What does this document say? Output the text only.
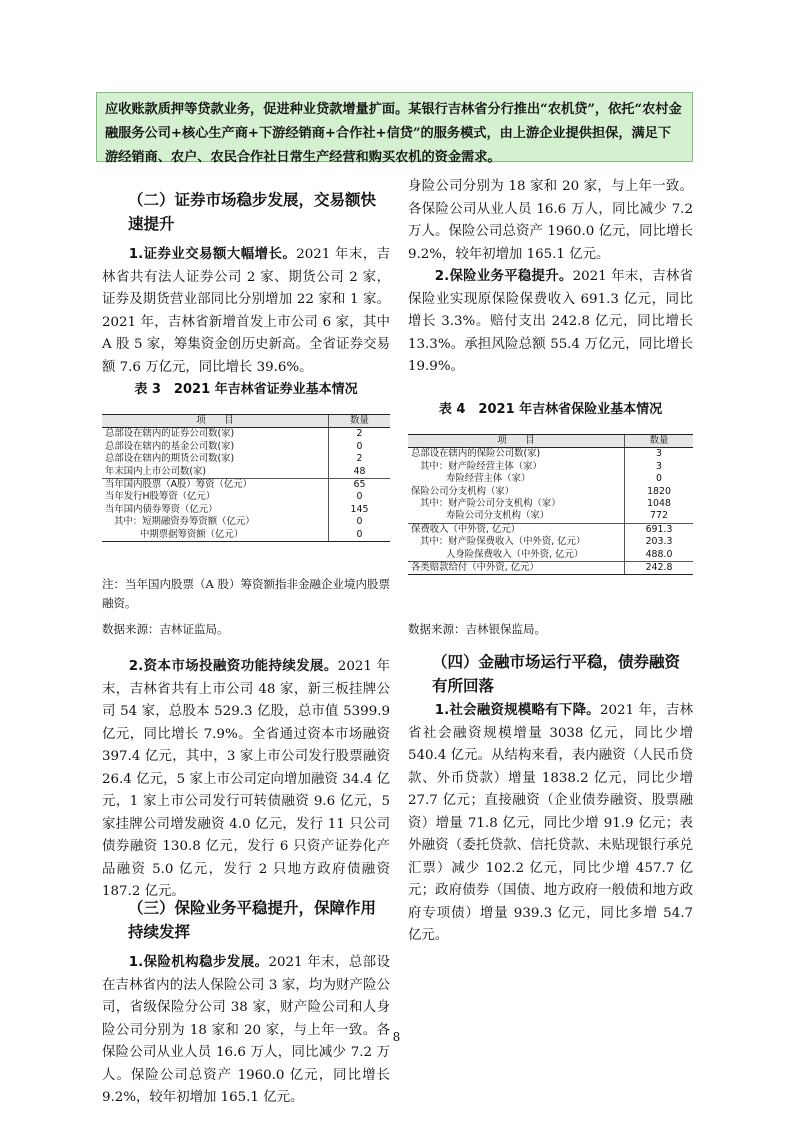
应收账款质押等贷款业务，促进种业贷款增量扩面。某银行吉林省分行推出“农机贷”，依托“农村金融服务公司+核心生产商+下游经销商+合作社+信贷”的服务模式，由上游企业提供担保，满足下游经销商、农户、农民合作社日常生产经营和购买农机的资金需求。
（二）证券市场稳步发展，交易额快速提升
1.证券业交易额大幅增长。2021 年末，吉林省共有法人证券公司 2 家、期货公司 2 家，证券及期货营业部同比分别增加 22 家和 1 家。2021 年，吉林省新增首发上市公司 6 家，其中 A 股 5 家，筹集资金创历史新高。全省证券交易额 7.6 万亿元，同比增长 39.6%。
表 3　2021 年吉林省证券业基本情况
项　　目	数量
总部设在辖内的证券公司数(家)	2
总部设在辖内的基金公司数(家)	0
总部设在辖内的期货公司数(家)	2
年末国内上市公司数(家)	48
当年国内股票（A股）筹资（亿元）	65
当年发行H股筹资（亿元）	0
当年国内债券筹资（亿元）	145
其中：短期融资券筹资额（亿元）	0
中期票据筹资额（亿元）	0
注：当年国内股票（A 股）筹资额指非金融企业境内股票融资。
数据来源：吉林证监局。
2.资本市场投融资功能持续发展。2021 年末，吉林省共有上市公司 48 家，新三板挂牌公司 54 家，总股本 529.3 亿股，总市值 5399.9 亿元，同比增长 7.9%。全省通过资本市场融资 397.4 亿元，其中，3 家上市公司发行股票融资 26.4 亿元，5 家上市公司定向增加融资 34.4 亿元，1 家上市公司发行可转债融资 9.6 亿元，5 家挂牌公司增发融资 4.0 亿元，发行 11 只公司债券融资 130.8 亿元，发行 6 只资产证券化产品融资 5.0 亿元，发行 2 只地方政府债融资 187.2 亿元。
（三）保险业务平稳提升，保障作用持续发挥
1.保险机构稳步发展。2021 年末，总部设在吉林省内的法人保险公司 3 家，均为财产险公司，省级保险分公司 38 家，财产险公司和人身险公司分别为 18 家和 20 家，与上年一致。各保险公司从业人员 16.6 万人，同比减少 7.2 万人。保险公司总资产 1960.0 亿元，同比增长 9.2%，较年初增加 165.1 亿元。
身险公司分别为 18 家和 20 家，与上年一致。各保险公司从业人员 16.6 万人，同比减少 7.2 万人。保险公司总资产 1960.0 亿元，同比增长 9.2%，较年初增加 165.1 亿元。
2.保险业务平稳提升。2021 年末，吉林省保险业实现原保险保费收入 691.3 亿元，同比增长 3.3%。赔付支出 242.8 亿元，同比增长 13.3%。承担风险总额 55.4 万亿元，同比增长 19.9%。
表 4　2021 年吉林省保险业基本情况
项　　目	数量
总部设在辖内的保险公司数(家)	3
其中：财产险经营主体（家）	3
寿险经营主体（家）	0
保险公司分支机构（家）	1820
其中：财产险公司分支机构（家）	1048
寿险公司分支机构（家）	772
保费收入（中外资, 亿元）	691.3
其中：财产险保费收入（中外资, 亿元）	203.3
人身险保费收入（中外资, 亿元）	488.0
各类赔款给付（中外资, 亿元）	242.8
数据来源：吉林银保监局。
（四）金融市场运行平稳，债券融资有所回落
1.社会融资规模略有下降。2021 年，吉林省社会融资规模增量 3038 亿元，同比少增 540.4 亿元。从结构来看，表内融资（人民币贷款、外币贷款）增量 1838.2 亿元，同比少增 27.7 亿元；直接融资（企业债券融资、股票融资）增量 71.8 亿元，同比少增 91.9 亿元；表外融资（委托贷款、信托贷款、未贴现银行承兑汇票）减少 102.2 亿元，同比少增 457.7 亿元；政府债券（国债、地方政府一般债和地方政府专项债）增量 939.3 亿元，同比多增 54.7 亿元。
8
